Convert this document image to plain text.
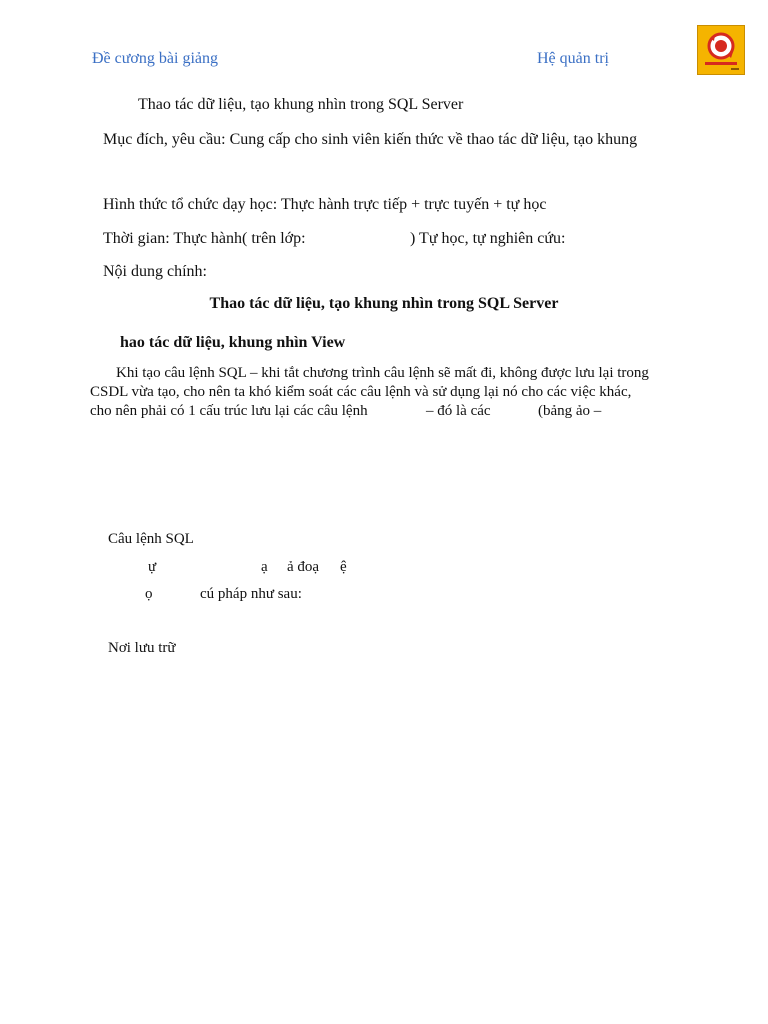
Đề cương bài giảng	Hệ quản trị
Thao tác dữ liệu, tạo khung nhìn trong SQL Server
Mục đích, yêu cầu: Cung cấp cho sinh viên kiến thức về thao tác dữ liệu, tạo khung
Hình thức tổ chức dạy học: Thực hành trực tiếp + trực tuyến + tự học
Thời gian: Thực hành( trên lớp:	) Tự học, tự nghiên cứu:
Nội dung chính:
Thao tác dữ liệu, tạo khung nhìn trong SQL Server
hao tác dữ liệu, khung nhìn View
Khi tạo câu lệnh SQL – khi tắt chương trình câu lệnh sẽ mất đi, không được lưu lại trong
CSDL vừa tạo, cho nên ta khó kiểm soát các câu lệnh và sử dụng lại nó cho các việc khác,
cho nên phải có 1 cấu trúc lưu lại các câu lệnh	– đó là các	(bảng ảo –
Câu lệnh SQL
ự	ạ ả đoạ ệ
ọ	cú pháp như sau:
Nơi lưu trữ
